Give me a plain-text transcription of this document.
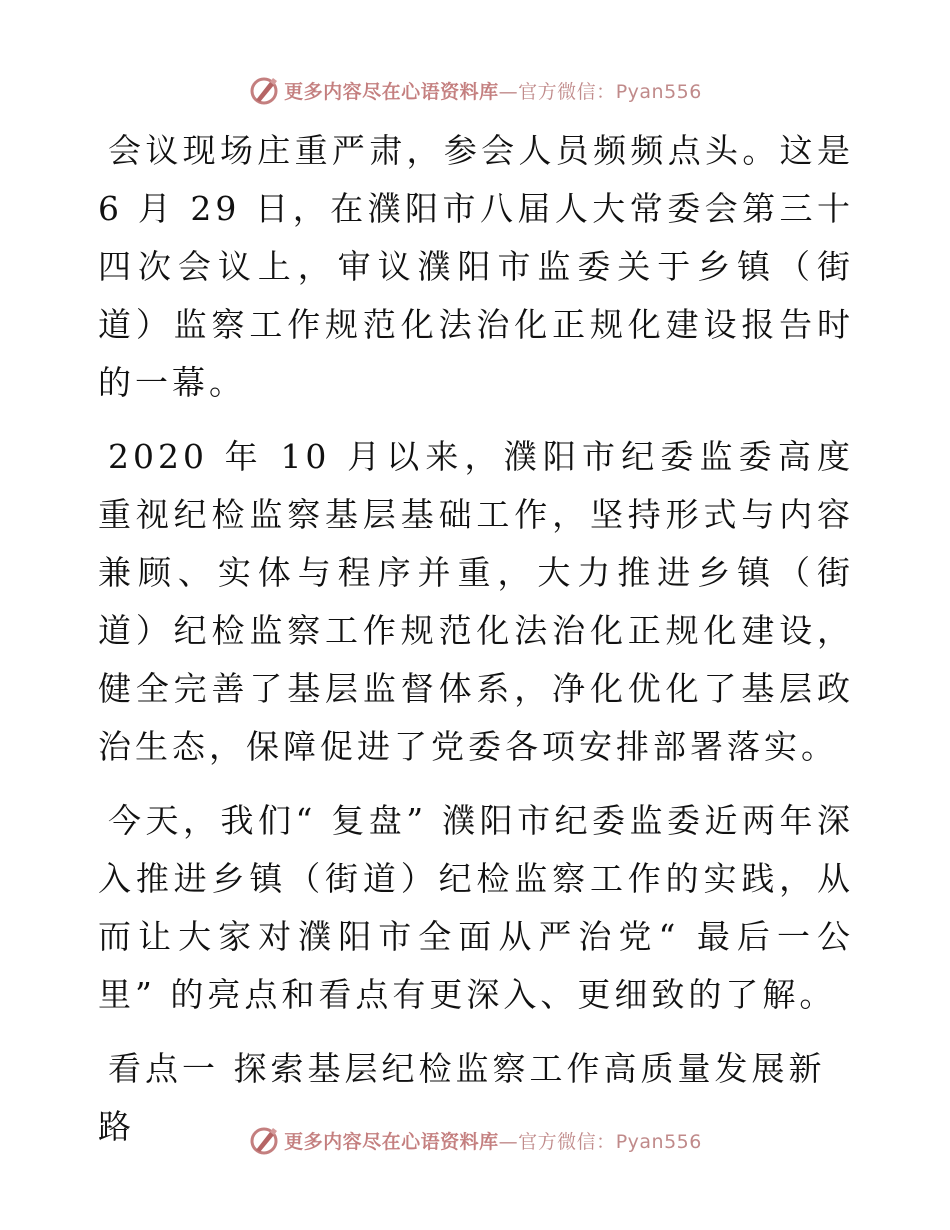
更多内容尽在心语资料库—官方微信：Pyan556

会议现场庄重严肃，参会人员频频点头。这是 6 月 29 日，在濮阳市八届人大常委会第三十四次会议上，审议濮阳市监委关于乡镇（街道）监察工作规范化法治化正规化建设报告时的一幕。

2020 年 10 月以来，濮阳市纪委监委高度重视纪检监察基层基础工作，坚持形式与内容兼顾、实体与程序并重，大力推进乡镇（街道）纪检监察工作规范化法治化正规化建设，健全完善了基层监督体系，净化优化了基层政治生态，保障促进了党委各项安排部署落实。

今天，我们“ 复盘” 濮阳市纪委监委近两年深入推进乡镇（街道）纪检监察工作的实践，从而让大家对濮阳市全面从严治党“ 最后一公里” 的亮点和看点有更深入、更细致的了解。

看点一 探索基层纪检监察工作高质量发展新路	更多内容尽在心语资料库—官方微信：Pyan556
